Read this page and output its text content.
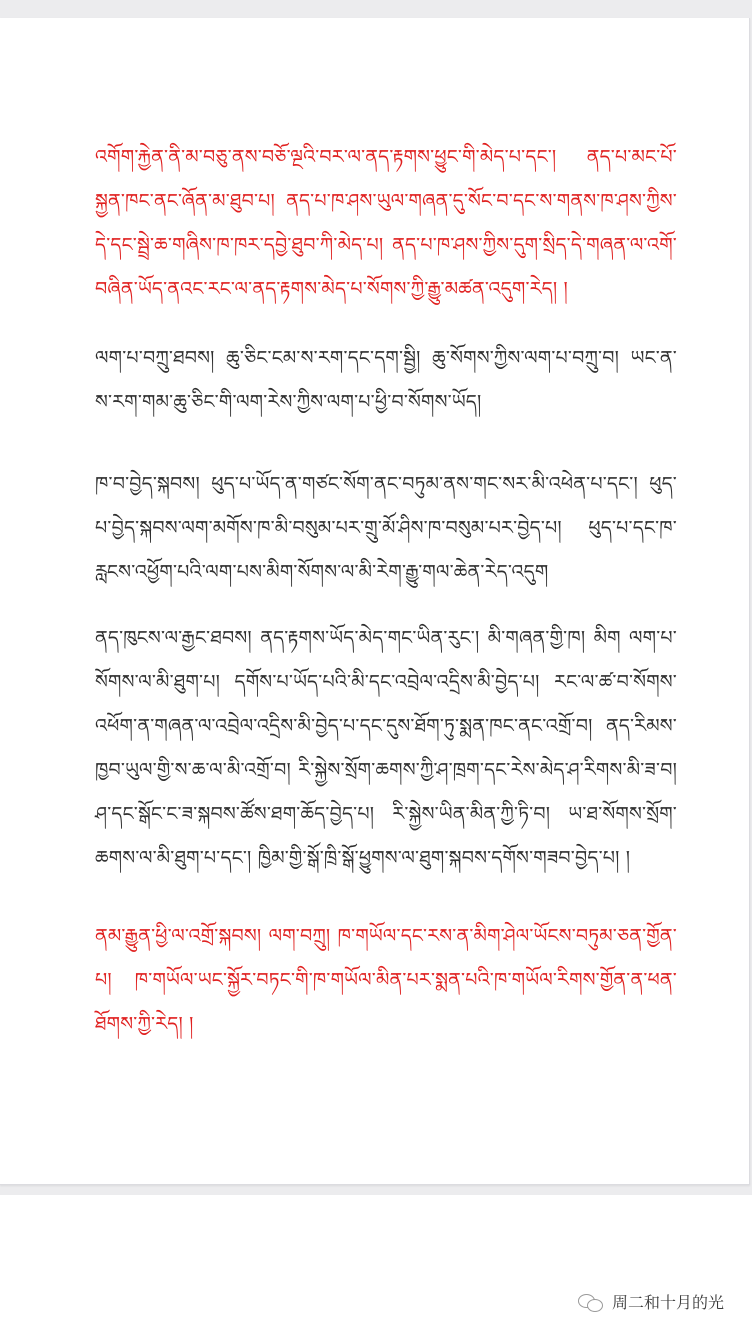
འགོག་རྐྱེན་ནི་མ་བཅུ་ནས་བཅོ་ལྔའི་བར་ལ་ནད་རྟགས་ཕྱུང་གི་མེད་པ་དང་། ནད་པ་མང་པོ་སྐྱན་ཁང་ནང་ཞོན་མ་ཐུབ་པ། ནད་པ་ཁ་ཤས་ཡུལ་གཞན་དུ་སོང་བ་དང་ས་གནས་ཁ་ཤས་ཀྱིས་དེ་དང་སྦྲེ་ཆ་གཞིས་ཁ་ཁར་དབྱེ་ཐུབ་ཀི་མེད་པ། ནད་པ་ཁ་ཤས་ཀྱིས་དུག་སྲིད་དེ་གཞན་ལ་འགོ་བཞིན་ཡོད་ནའང་རང་ལ་ནད་རྟགས་མེད་པ་སོགས་ཀྱི་རྒྱུ་མཚན་འདུག་རེད། །

ལག་པ་བཀྲུ་ཐབས། ཆུ་ཅིང་ངམ་ས་རག་དང་དག་སྦྱི། ཆུ་སོགས་ཀྱིས་ལག་པ་བཀྲུ་བ། ཡང་ན་ས་རག་གམ་ཆུ་ཅིང་གི་ལག་རེས་ཀྱིས་ལག་པ་ཕྱི་བ་སོགས་ཡོད།

ཁ་བ་བྱེད་སྐབས། ཕུད་པ་ཡོད་ན་གཙང་སོག་ནང་བཏུམ་ནས་གང་སར་མི་འཕེན་པ་དང་། ཕུད་པ་བྱེད་སྐབས་ལག་མགོས་ཁ་མི་བསུམ་པར་གྲུ་མོ་ཤིས་ཁ་བསུམ་པར་བྱེད་པ། ཕུད་པ་དང་ཁ་རླངས་འཕྱོག་པའི་ལག་པས་མིག་སོགས་ལ་མི་རེག་རྒྱུ་གལ་ཆེན་རེད་འདུག

ནད་ཁུངས་ལ་རྒྱང་ཐབས། ནད་རྟགས་ཡོད་མེད་གང་ཡིན་རུང་། མི་གཞན་གྱི་ཁ། མིག ལག་པ་སོགས་ལ་མི་ཐུག་པ། དགོས་པ་ཡོད་པའི་མི་དང་འབྲེལ་འདྲིས་མི་བྱེད་པ། རང་ལ་ཚ་བ་སོགས་འཕོག་ན་གཞན་ལ་འབྲེལ་འདྲིས་མི་བྱེད་པ་དང་དུས་ཐོག་ཏུ་སྨན་ཁང་ནང་འགྲོ་བ། ནད་རིམས་ཁྱབ་ཡུལ་གྱི་ས་ཆ་ལ་མི་འགྲོ་བ། རི་སྐྱེས་སྲོག་ཆགས་ཀྱི་ཤ་ཁྲག་དང་རེས་མེད་ཤ་རིགས་མི་ཟ་བ། ཤ་དང་སྒོང་ང་ཟ་སྐབས་ཚོས་ཐག་ཆོད་བྱེད་པ། རི་སྐྱེས་ཡིན་མིན་ཀྱི་ཏི་བ། ཡ་ཐ་སོགས་སྲོག་ཆགས་ལ་མི་ཐུག་པ་དང་། ཁྱིམ་གྱི་སྒོ་ཁྲི་སྒོ་ཕྱུགས་ལ་ཐུག་སྐབས་དགོས་གཟབ་བྱེད་པ། །

ནམ་རྒྱུན་ཕྱི་ལ་འགྲོ་སྐབས། ལག་བཀྲུ། ཁ་གཡོལ་དང་རས་ན་མིག་ཤེལ་ཡོངས་བཏུམ་ཅན་གྱོན་པ། ཁ་གཡོལ་ཡང་སྐྱོར་བཏང་གི་ཁ་གཡོལ་མིན་པར་སྨན་པའི་ཁ་གཡོལ་རིགས་གྱོན་ན་ཕན་ཐོགས་ཀྱི་རེད། །

周二和十月的光
